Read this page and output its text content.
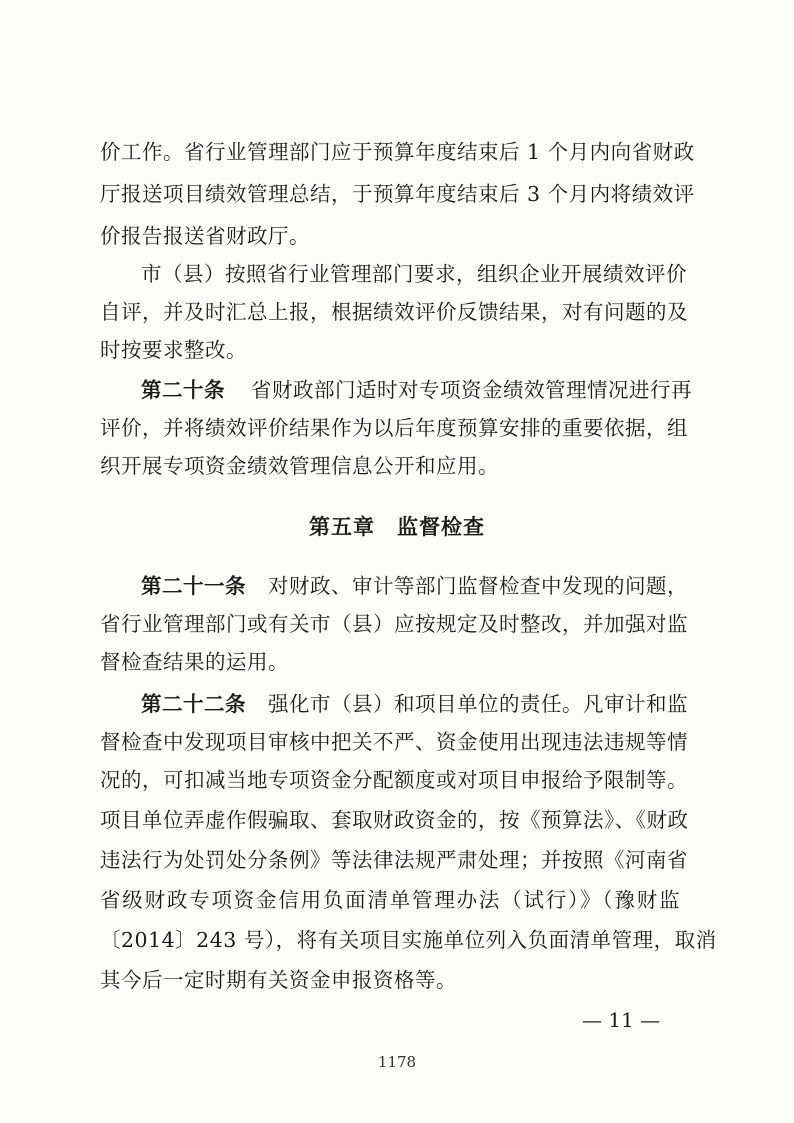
价工作。省行业管理部门应于预算年度结束后 1 个月内向省财政
厅报送项目绩效管理总结，于预算年度结束后 3 个月内将绩效评
价报告报送省财政厅。
市（县）按照省行业管理部门要求，组织企业开展绩效评价
自评，并及时汇总上报，根据绩效评价反馈结果，对有问题的及
时按要求整改。
第二十条 省财政部门适时对专项资金绩效管理情况进行再
评价，并将绩效评价结果作为以后年度预算安排的重要依据，组
织开展专项资金绩效管理信息公开和应用。
第五章　监督检查
第二十一条 对财政、审计等部门监督检查中发现的问题，
省行业管理部门或有关市（县）应按规定及时整改，并加强对监
督检查结果的运用。
第二十二条 强化市（县）和项目单位的责任。凡审计和监
督检查中发现项目审核中把关不严、资金使用出现违法违规等情
况的，可扣减当地专项资金分配额度或对项目申报给予限制等。
项目单位弄虚作假骗取、套取财政资金的，按《预算法》、《财政
违法行为处罚处分条例》等法律法规严肃处理；并按照《河南省
省级财政专项资金信用负面清单管理办法（试行）》（豫财监
〔2014〕243 号），将有关项目实施单位列入负面清单管理，取消
其今后一定时期有关资金申报资格等。
— 11 —
1178
